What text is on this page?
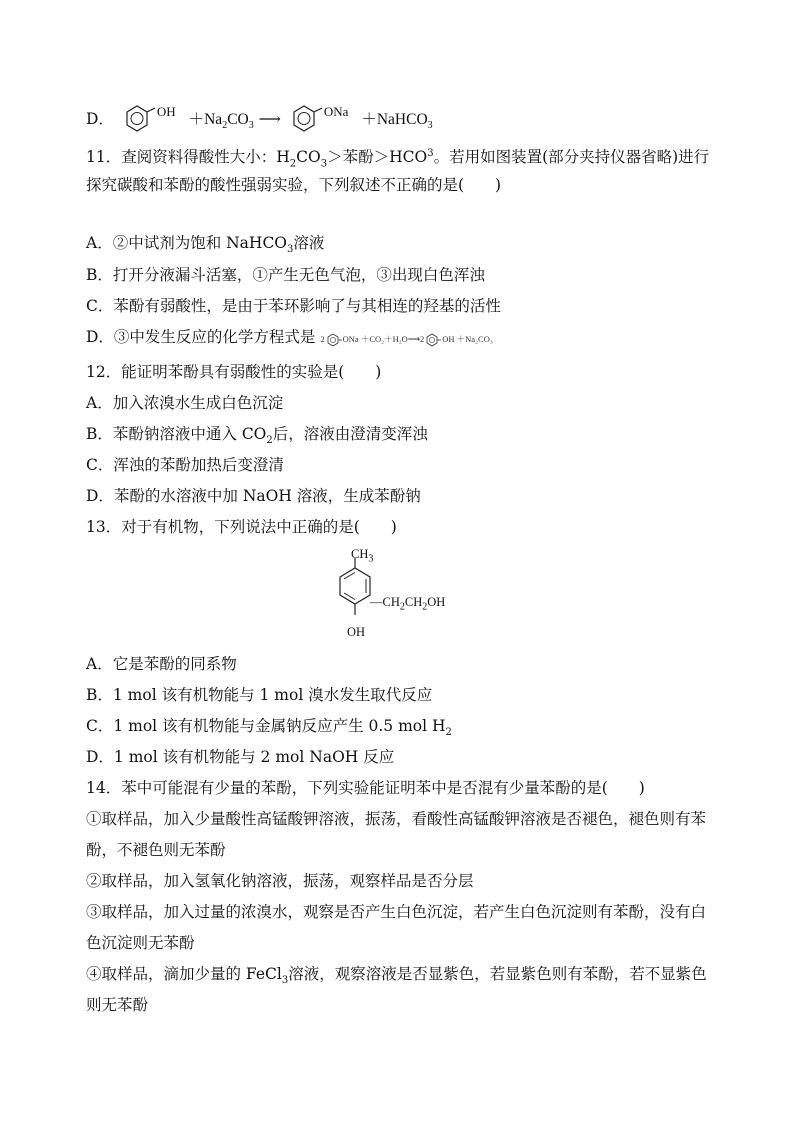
D．	$^{OH} +Na_2CO_3$ ⟶	$^{ONa}$ ＋NaHCO$_3$
11．查阅资料得酸性大小：$H_2CO_3>$苯酚$>HCO^3$。若用如图装置(部分夹持仪器省略)进行
探究碳酸和苯酚的酸性强弱实验，下列叙述不正确的是(　　)
A．②中试剂为饱和 NaHCO$_3$溶液
B．打开分液漏斗活塞，①产生无色气泡，③出现白色浑浊
C．苯酚有弱酸性，是由于苯环影响了与其相连的羟基的活性
D．③中发生反应的化学方程式是 2 ONa ＋CO₂＋H₂O⟶2 OH ＋Na₂CO₃
12．能证明苯酚具有弱酸性的实验是(　　)
A．加入浓溴水生成白色沉淀
B．苯酚钠溶液中通入 $CO_2$后，溶液由澄清变浑浊
C．浑浊的苯酚加热后变澄清
D．苯酚的水溶液中加 NaOH 溶液，生成苯酚钠
13．对于有机物，下列说法中正确的是(　　)
$CH_3$
$—CH_2CH_2OH$
OH
A．它是苯酚的同系物
B．1 mol 该有机物能与 1 mol 溴水发生取代反应
C．1 mol 该有机物能与金属钠反应产生 0.5 mol $H_2$
D．1 mol 该有机物能与 2 mol NaOH 反应
14．苯中可能混有少量的苯酚，下列实验能证明苯中是否混有少量苯酚的是(　　)
①取样品，加入少量酸性高锰酸钾溶液，振荡，看酸性高锰酸钾溶液是否褪色，褪色则有苯
酚，不褪色则无苯酚
②取样品，加入氢氧化钠溶液，振荡，观察样品是否分层
③取样品，加入过量的浓溴水，观察是否产生白色沉淀，若产生白色沉淀则有苯酚，没有白
色沉淀则无苯酚
④取样品，滴加少量的 FeCl$_3$溶液，观察溶液是否显紫色，若显紫色则有苯酚，若不显紫色
则无苯酚
